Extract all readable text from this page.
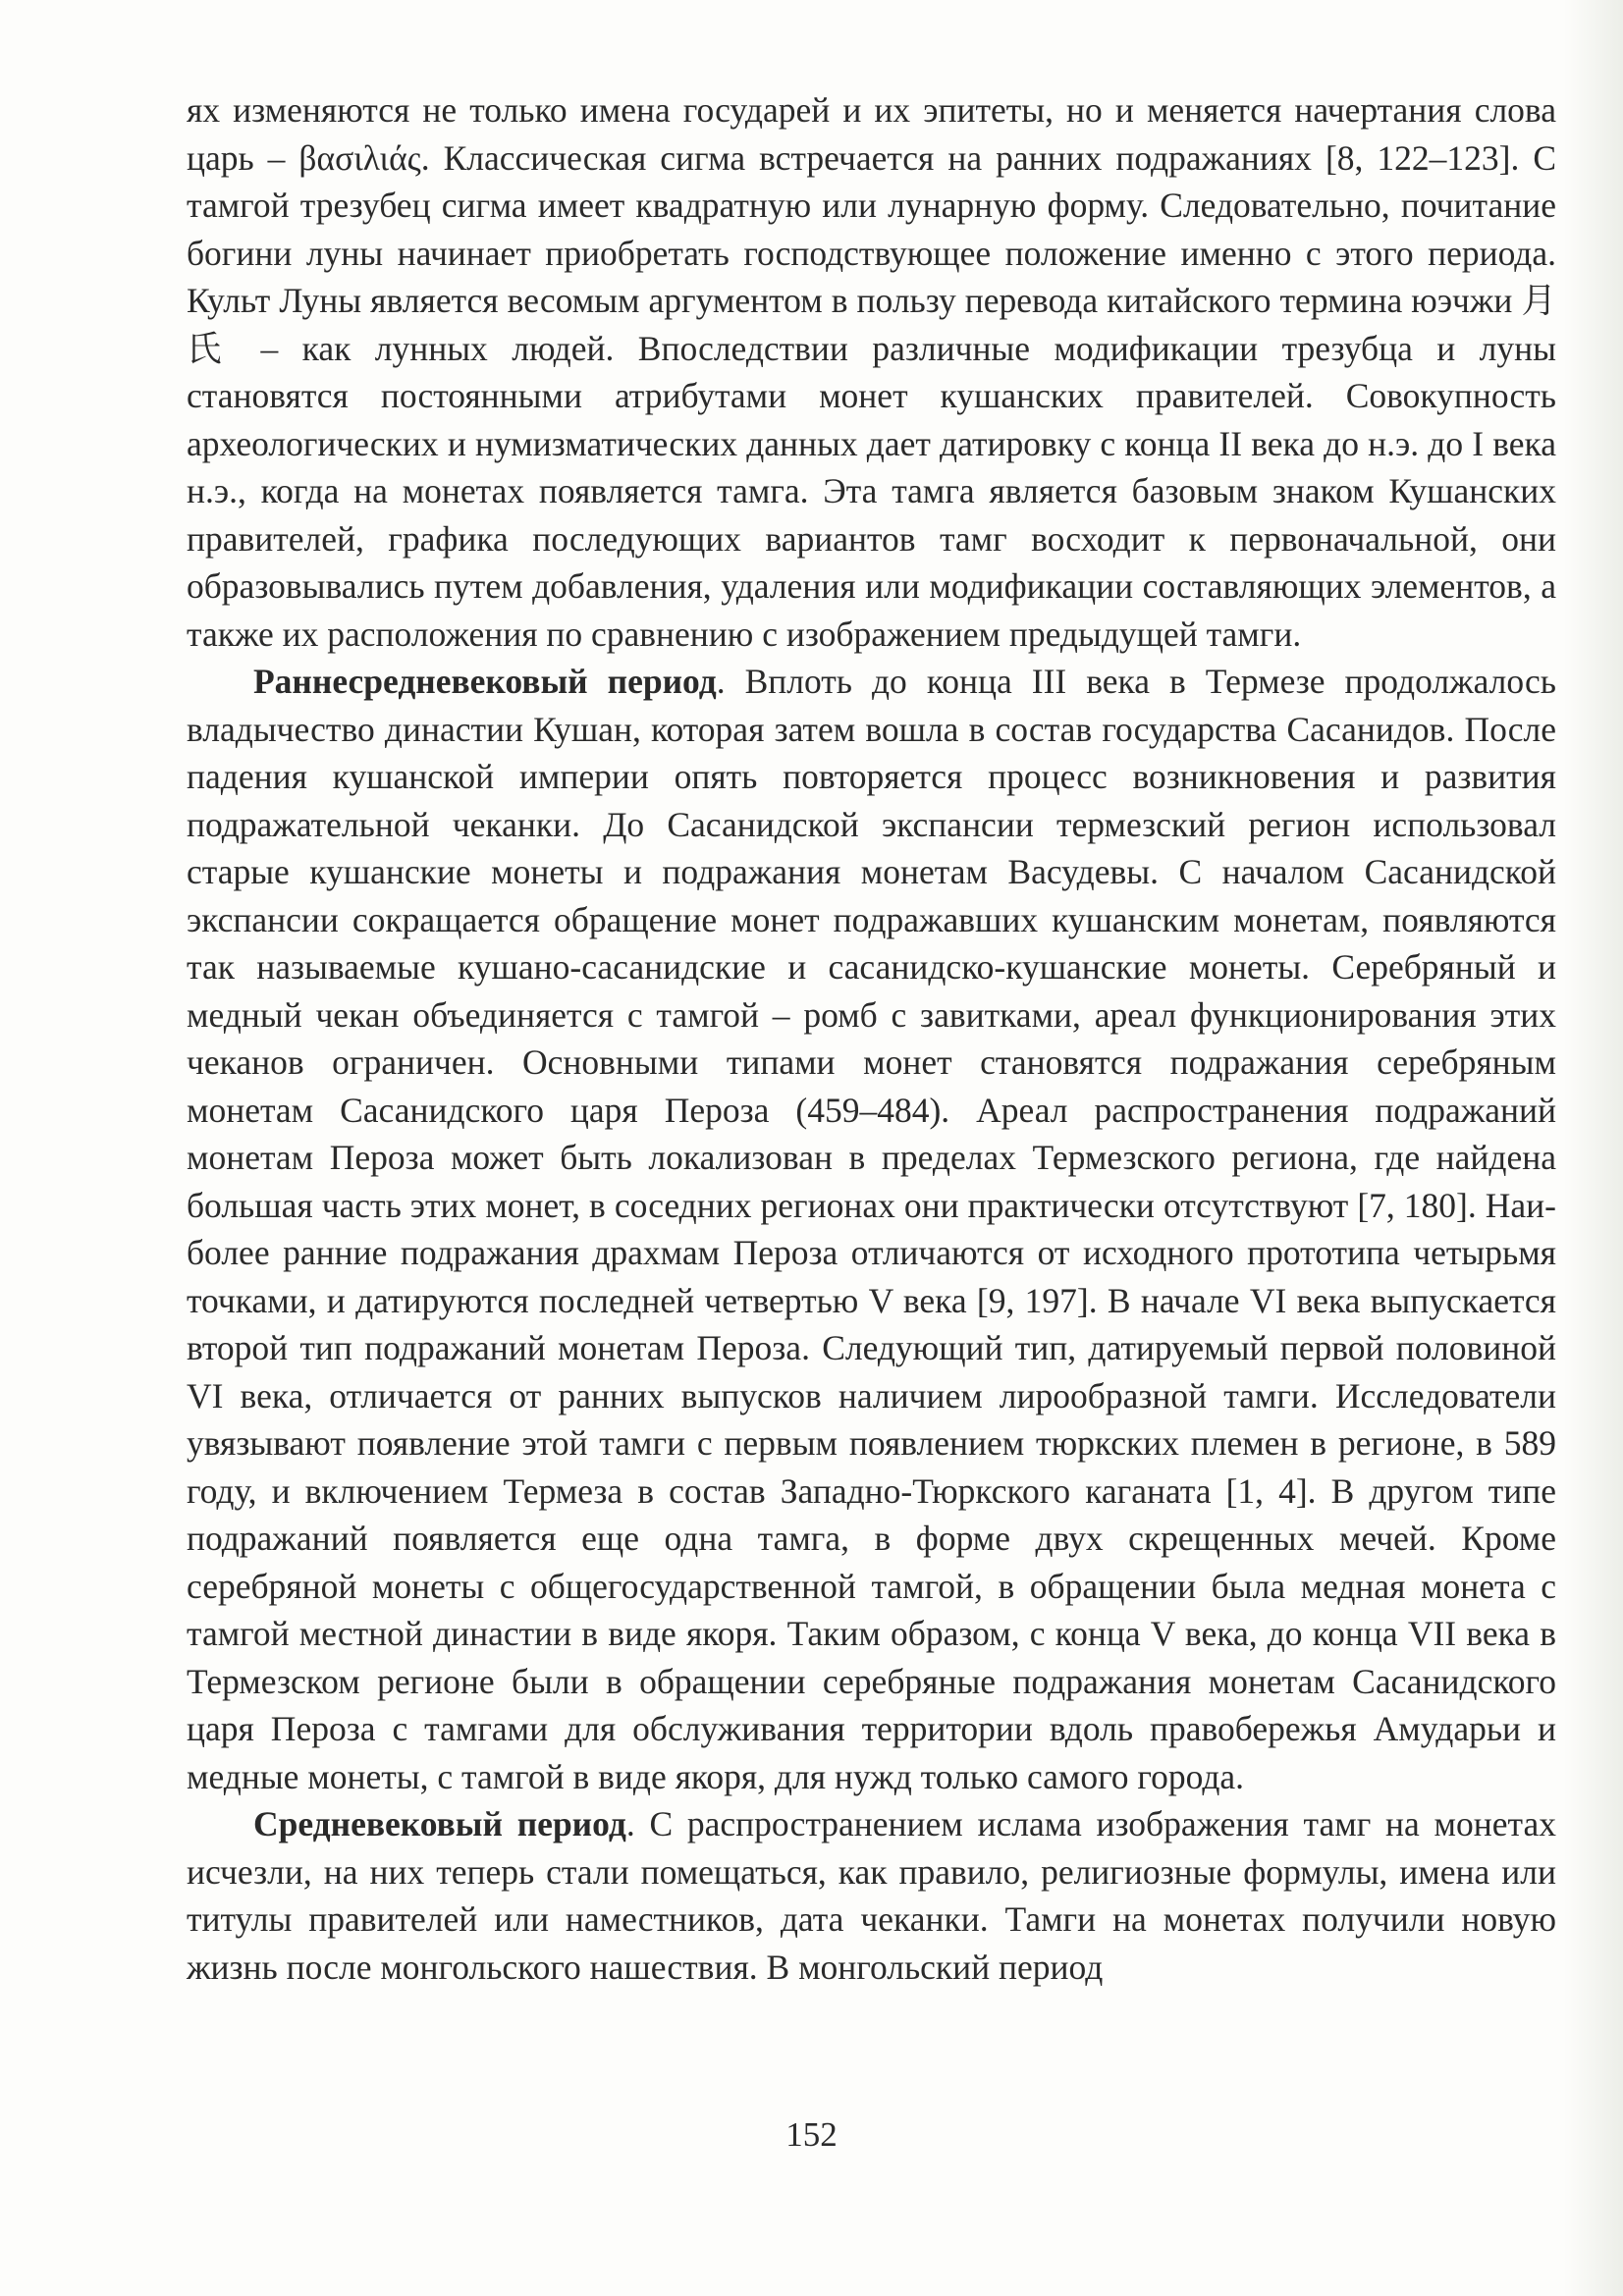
ях изменяются не только имена государей и их эпитеты, но и меняется начертания слова царь – βασιλιάς. Классическая сигма встречается на ранних подражаниях [8, 122–123]. С тамгой трезубец сигма имеет квадратную или лунарную форму. Следовательно, почитание богини луны начинает приобретать господствующее положение именно с этого периода. Культ Луны является весомым аргументом в пользу перевода китайского термина юэчжи 月氏 – как лунных людей. Впоследствии различные модификации трезубца и луны становятся постоянными атрибутами монет кушанских правителей. Совокупность археологических и нумизматических данных дает датировку с конца II века до н.э. до I века н.э., когда на монетах появляется тамга. Эта тамга является базовым знаком Кушанских правителей, графика последующих вариантов тамг восходит к первоначальной, они образовывались путем добавления, удаления или модификации составляющих элементов, а также их расположения по сравнению с изображением предыдущей тамги.

Раннесредневековый период. Вплоть до конца III века в Термезе продолжалось владычество династии Кушан, которая затем вошла в состав государства Сасанидов. После падения кушанской империи опять повторяется процесс возникновения и развития подражательной чеканки. До Сасанидской экспансии термезский регион использовал старые кушанские монеты и подражания монетам Васудевы. С началом Сасанидской экспансии сокращается обращение монет подражавших кушанским монетам, появляются так называемые кушано-сасанидские и сасанидско-кушанские монеты. Серебряный и медный чекан объединяется с тамгой – ромб с завитками, ареал функционирования этих чеканов ограничен. Основными типами монет становятся подражания серебряным монетам Сасанидского царя Пероза (459–484). Ареал распространения подражаний монетам Пероза может быть локализован в пределах Термезского региона, где найдена большая часть этих монет, в соседних регионах они практически отсутствуют [7, 180]. Наиболее ранние подражания драхмам Пероза отличаются от исходного прототипа четырьмя точками, и датируются последней четвертью V века [9, 197]. В начале VI века выпускается второй тип подражаний монетам Пероза. Следующий тип, датируемый первой половиной VI века, отличается от ранних выпусков наличием лирообразной тамги. Исследователи увязывают появление этой тамги с первым появлением тюркских племен в регионе, в 589 году, и включением Термеза в состав Западно-Тюркского каганата [1, 4]. В другом типе подражаний появляется еще одна тамга, в форме двух скрещенных мечей. Кроме серебряной монеты с общегосударственной тамгой, в обращении была медная монета с тамгой местной династии в виде якоря. Таким образом, с конца V века, до конца VII века в Термезском регионе были в обращении серебряные подражания монетам Сасанидского царя Пероза с тамгами для обслуживания территории вдоль правобережья Амударьи и медные монеты, с тамгой в виде якоря, для нужд только самого города.

Средневековый период. С распространением ислама изображения тамг на монетах исчезли, на них теперь стали помещаться, как правило, религиозные формулы, имена или титулы правителей или наместников, дата чеканки. Тамги на монетах получили новую жизнь после монгольского нашествия. В монгольский период

152
